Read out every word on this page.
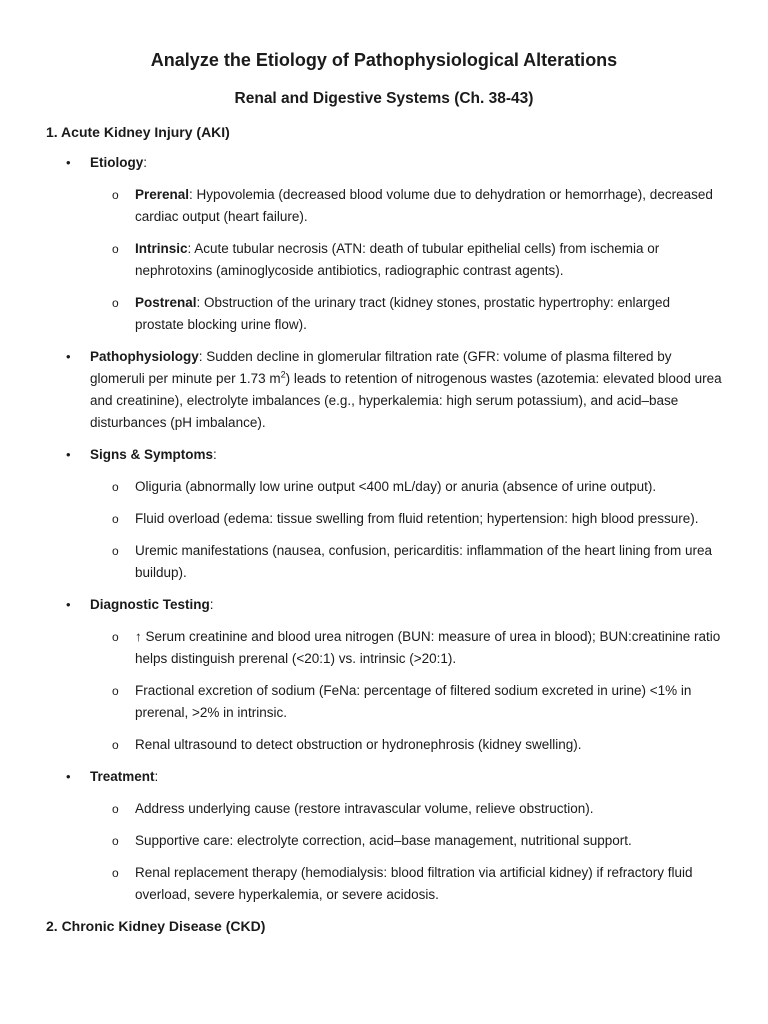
Analyze the Etiology of Pathophysiological Alterations
Renal and Digestive Systems (Ch. 38-43)
1. Acute Kidney Injury (AKI)
• Etiology:
o Prerenal: Hypovolemia (decreased blood volume due to dehydration or hemorrhage), decreased cardiac output (heart failure).
o Intrinsic: Acute tubular necrosis (ATN: death of tubular epithelial cells) from ischemia or nephrotoxins (aminoglycoside antibiotics, radiographic contrast agents).
o Postrenal: Obstruction of the urinary tract (kidney stones, prostatic hypertrophy: enlarged prostate blocking urine flow).
• Pathophysiology: Sudden decline in glomerular filtration rate (GFR: volume of plasma filtered by glomeruli per minute per 1.73 $m^2$) leads to retention of nitrogenous wastes (azotemia: elevated blood urea and creatinine), electrolyte imbalances (e.g., hyperkalemia: high serum potassium), and acid–base disturbances (pH imbalance).
• Signs & Symptoms:
o Oliguria (abnormally low urine output <400 mL/day) or anuria (absence of urine output).
o Fluid overload (edema: tissue swelling from fluid retention; hypertension: high blood pressure).
o Uremic manifestations (nausea, confusion, pericarditis: inflammation of the heart lining from urea buildup).
• Diagnostic Testing:
o ↑ Serum creatinine and blood urea nitrogen (BUN: measure of urea in blood); BUN:creatinine ratio helps distinguish prerenal (<20:1) vs. intrinsic (>20:1).
o Fractional excretion of sodium (FeNa: percentage of filtered sodium excreted in urine) <1% in prerenal, >2% in intrinsic.
o Renal ultrasound to detect obstruction or hydronephrosis (kidney swelling).
• Treatment:
o Address underlying cause (restore intravascular volume, relieve obstruction).
o Supportive care: electrolyte correction, acid–base management, nutritional support.
o Renal replacement therapy (hemodialysis: blood filtration via artificial kidney) if refractory fluid overload, severe hyperkalemia, or severe acidosis.
2. Chronic Kidney Disease (CKD)
